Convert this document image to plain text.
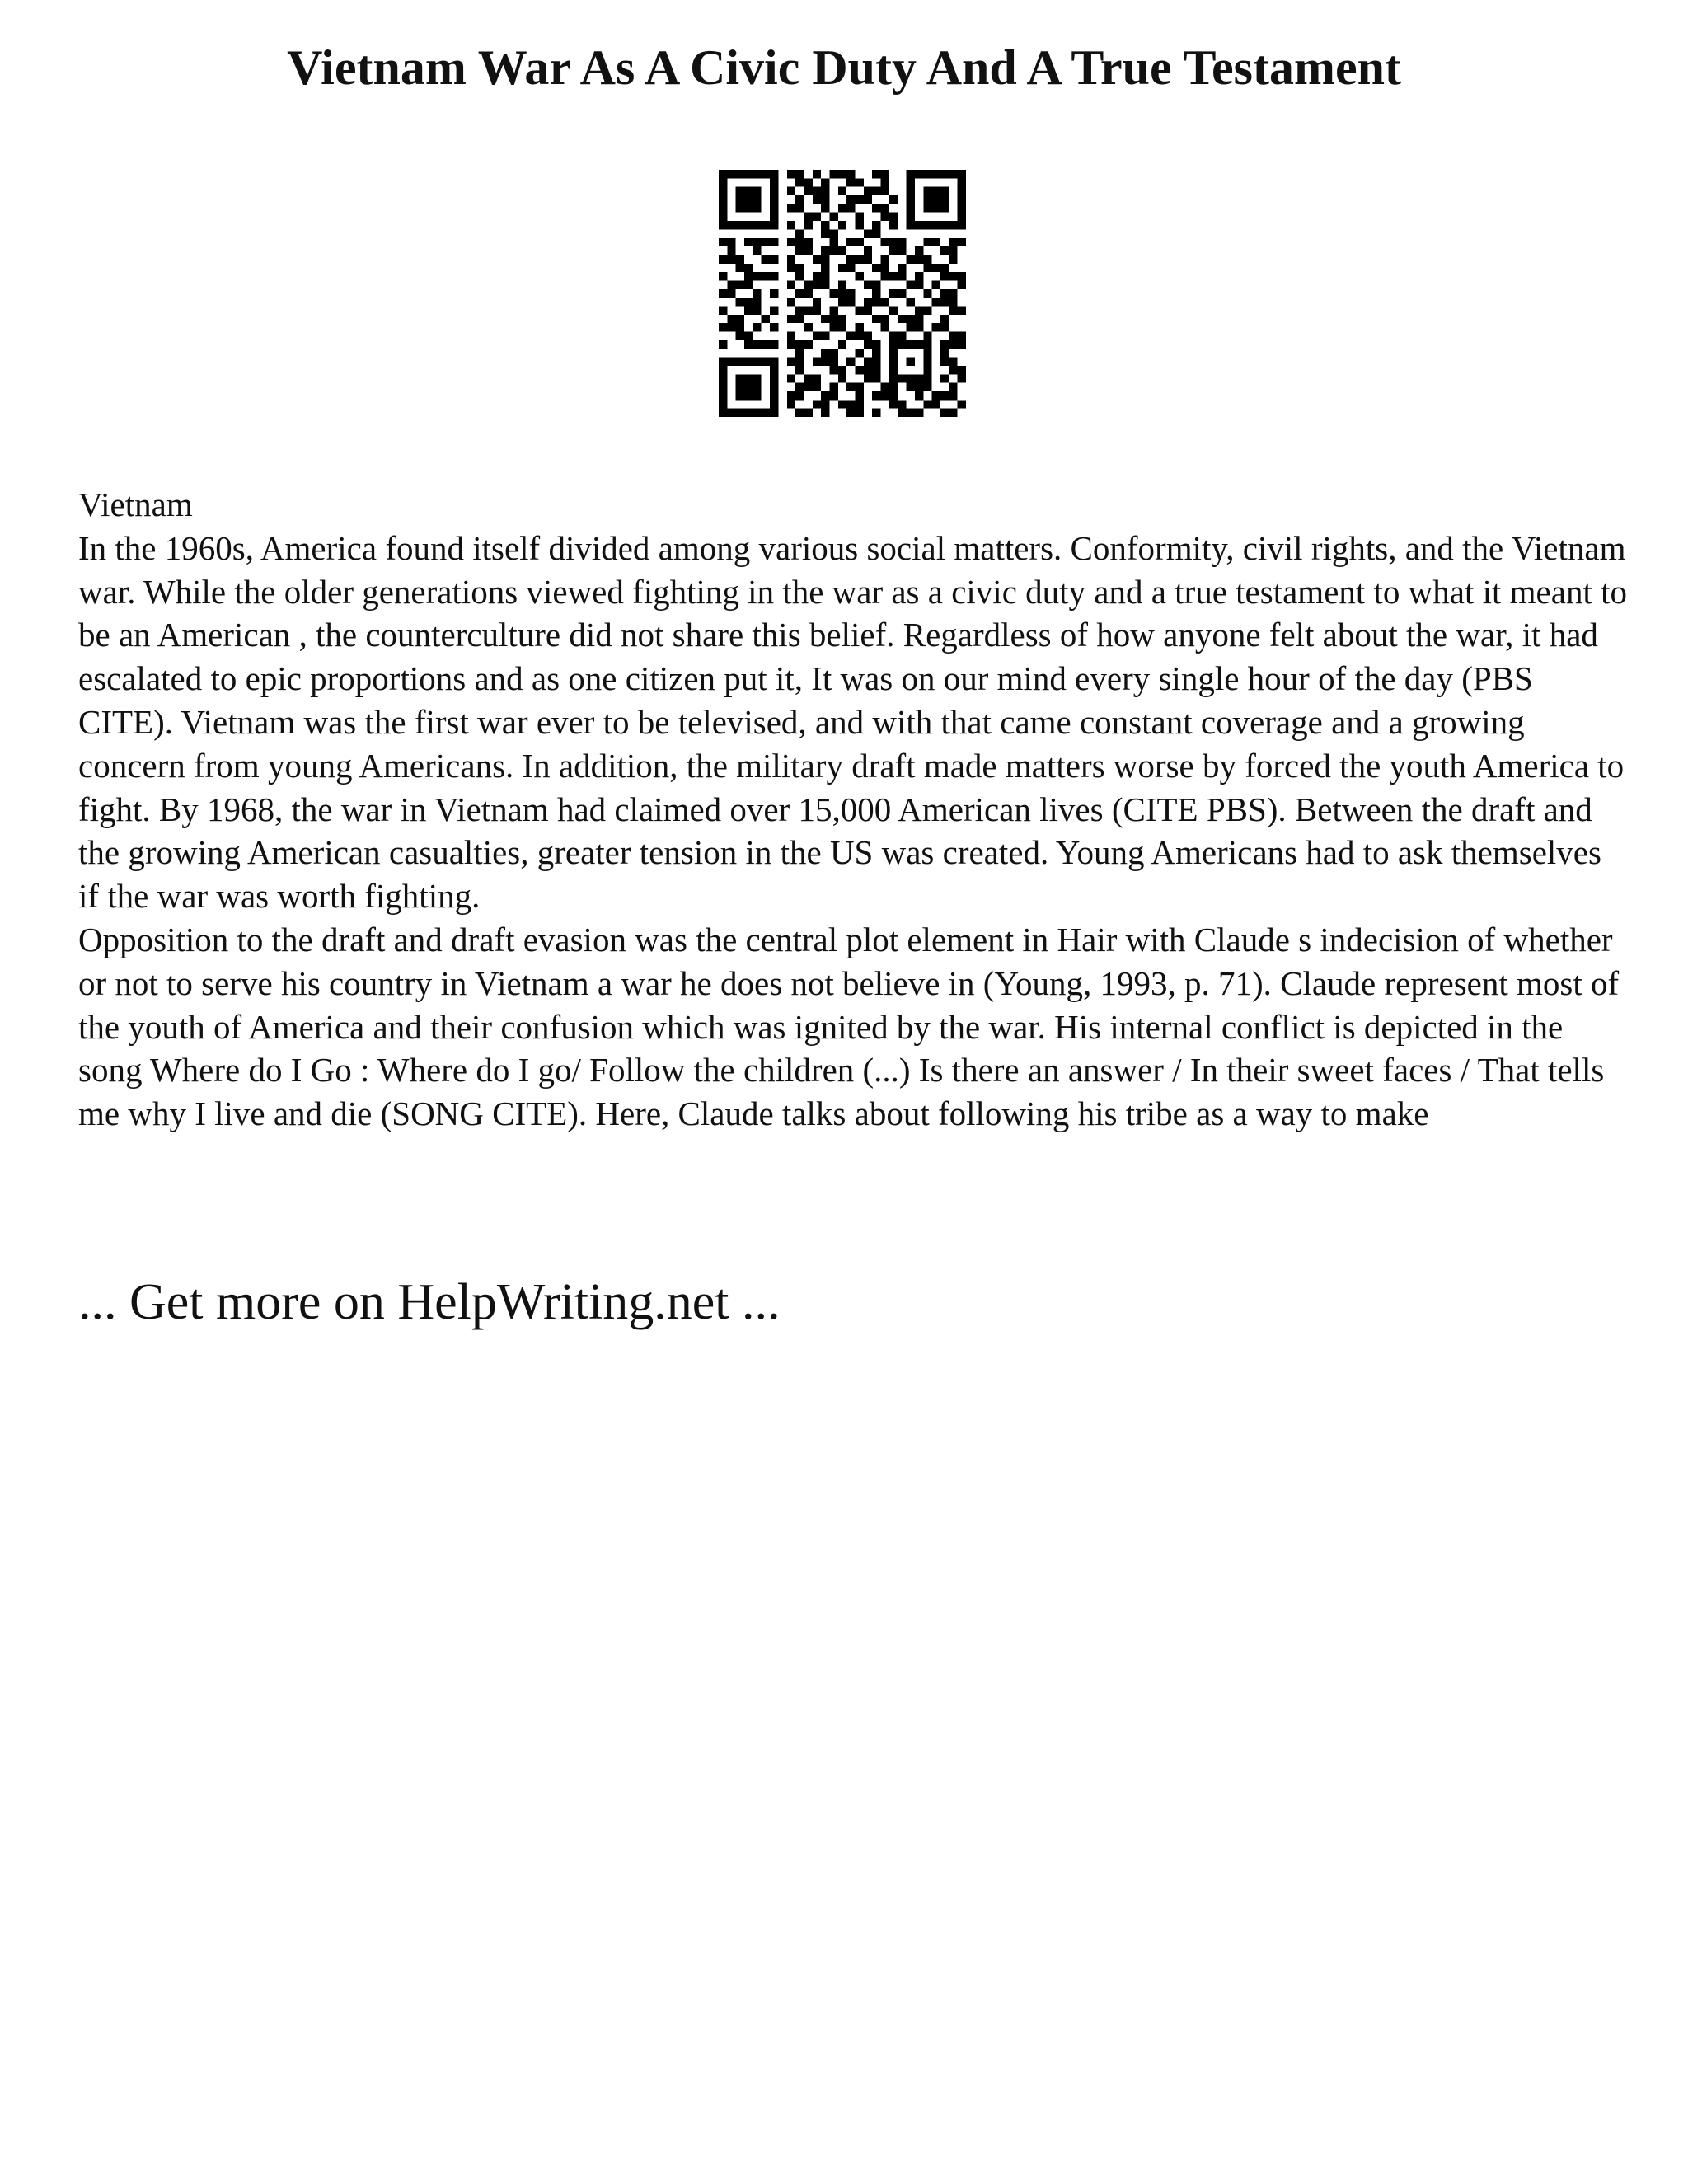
Vietnam War As A Civic Duty And A True Testament

Vietnam

In the 1960s, America found itself divided among various social matters. Conformity, civil rights, and the Vietnam war. While the older generations viewed fighting in the war as a civic duty and a true testament to what it meant to be an American , the counterculture did not share this belief. Regardless of how anyone felt about the war, it had escalated to epic proportions and as one citizen put it, It was on our mind every single hour of the day (PBS CITE). Vietnam was the first war ever to be televised, and with that came constant coverage and a growing concern from young Americans. In addition, the military draft made matters worse by forced the youth America to fight. By 1968, the war in Vietnam had claimed over 15,000 American lives (CITE PBS). Between the draft and the growing American casualties, greater tension in the US was created. Young Americans had to ask themselves if the war was worth fighting.

Opposition to the draft and draft evasion was the central plot element in Hair with Claude s indecision of whether or not to serve his country in Vietnam a war he does not believe in (Young, 1993, p. 71). Claude represent most of the youth of America and their confusion which was ignited by the war. His internal conflict is depicted in the song Where do I Go : Where do I go/ Follow the children (...) Is there an answer / In their sweet faces / That tells me why I live and die (SONG CITE). Here, Claude talks about following his tribe as a way to make

... Get more on HelpWriting.net ...
